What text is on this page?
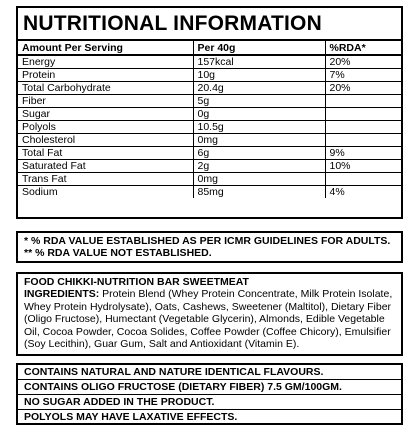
NUTRITIONAL INFORMATION
Amount Per Serving	Per 40g	%RDA*
Energy	157kcal	20%
Protein	10g	7%
Total Carbohydrate	20.4g	20%
Fiber	5g	
Sugar	0g	
Polyols	10.5g	
Cholesterol	0mg	
Total Fat	6g	9%
Saturated Fat	2g	10%
Trans Fat	0mg	
Sodium	85mg	4%
* % RDA VALUE ESTABLISHED AS PER ICMR GUIDELINES FOR ADULTS.
** % RDA VALUE NOT ESTABLISHED.
FOOD CHIKKI-NUTRITION BAR SWEETMEAT
INGREDIENTS: Protein Blend (Whey Protein Concentrate, Milk Protein Isolate, Whey Protein Hydrolysate), Oats, Cashews, Sweetener (Maltitol), Dietary Fiber (Oligo Fructose), Humectant (Vegetable Glycerin), Almonds, Edible Vegetable Oil, Cocoa Powder, Cocoa Solides, Coffee Powder (Coffee Chicory), Emulsifier (Soy Lecithin), Guar Gum, Salt and Antioxidant (Vitamin E).
CONTAINS NATURAL AND NATURE IDENTICAL FLAVOURS.
CONTAINS OLIGO FRUCTOSE (DIETARY FIBER) 7.5 GM/100GM.
NO SUGAR ADDED IN THE PRODUCT.
POLYOLS MAY HAVE LAXATIVE EFFECTS.
